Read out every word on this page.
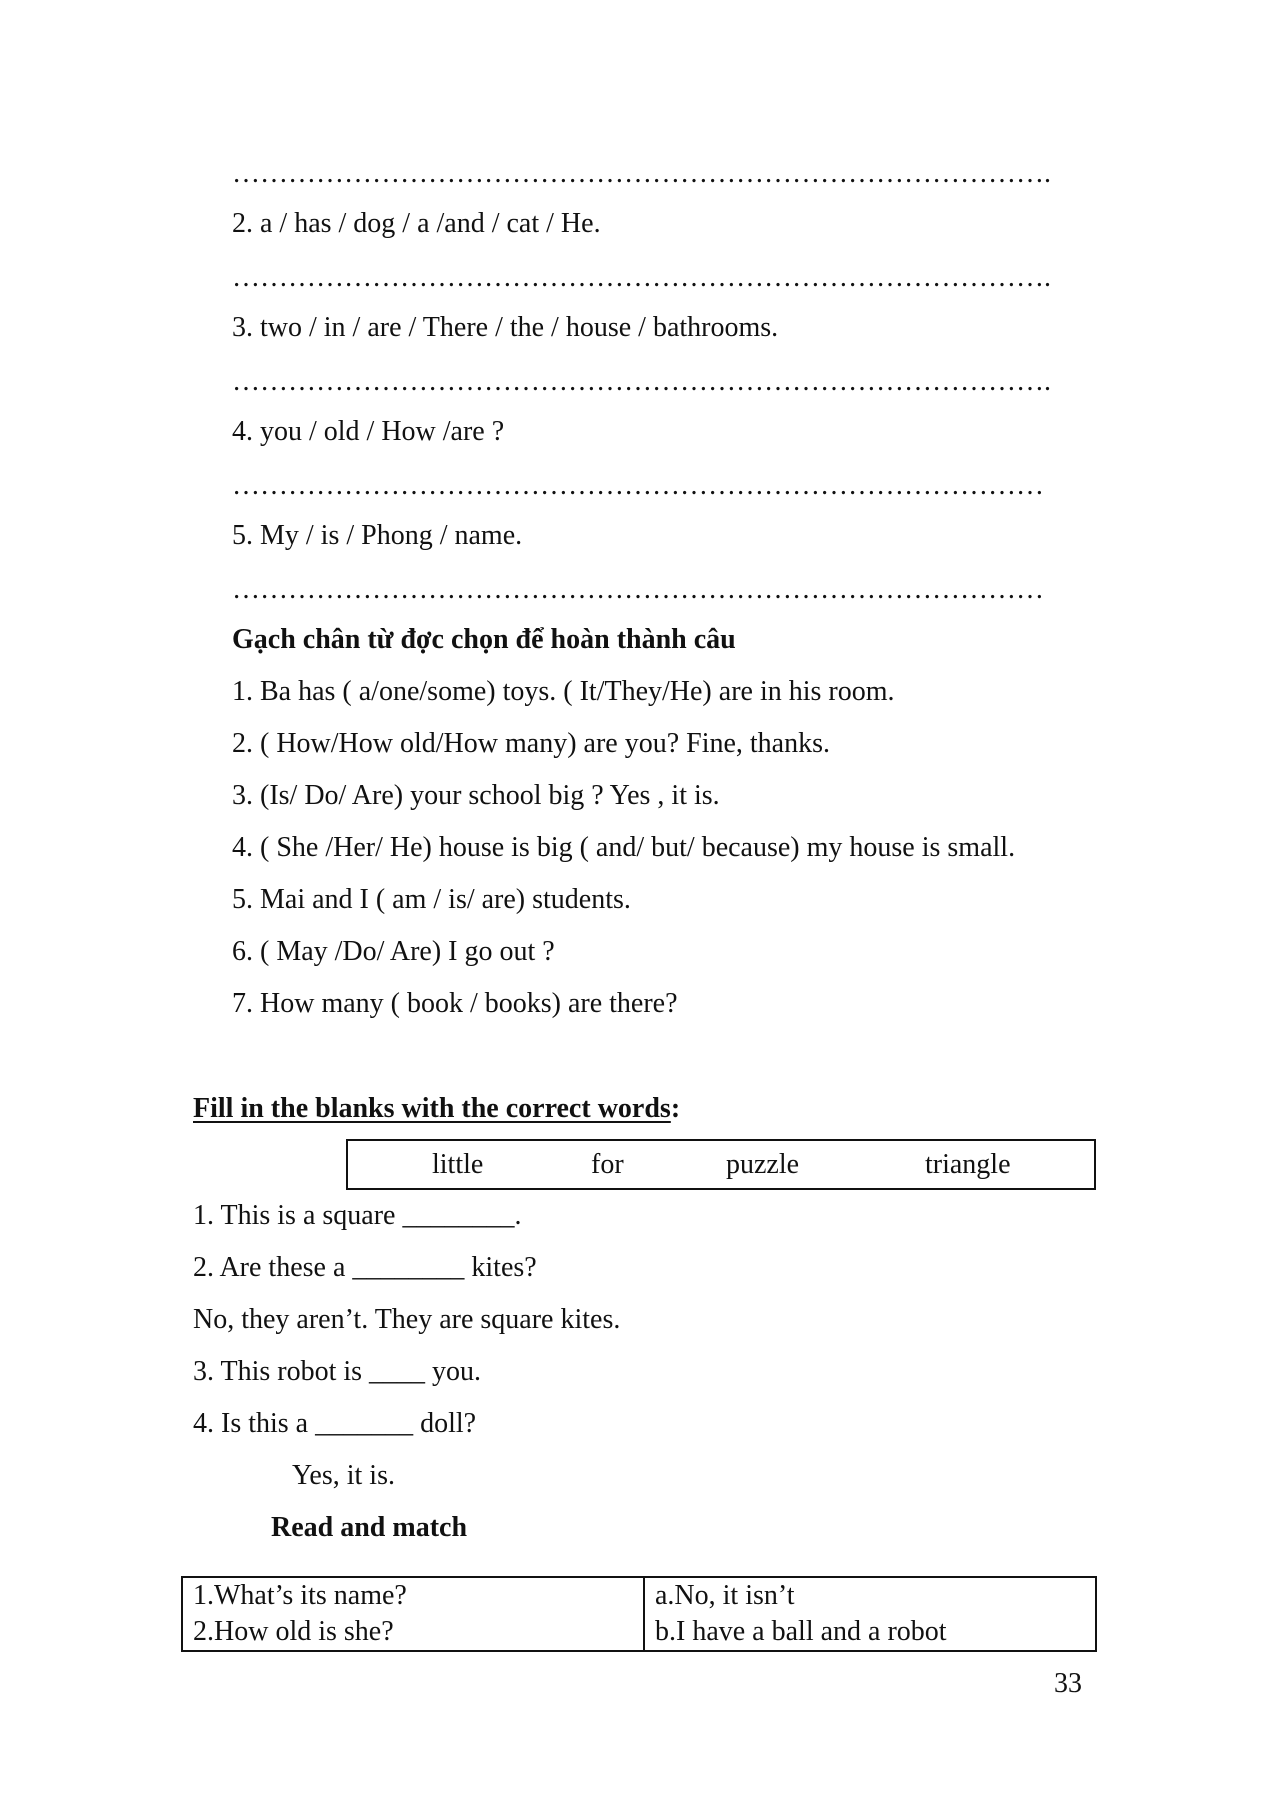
…………………………………………………………………………….
2. a / has / dog / a /and / cat / He.
…………………………………………………………………………….
3. two / in / are / There / the / house / bathrooms.
…………………………………………………………………………….
4. you / old / How /are ?
……………………………………………………………………………
5. My / is / Phong / name.
……………………………………………………………………………
Gạch chân từ đợc chọn để hoàn thành câu
1. Ba has ( a/one/some) toys. ( It/They/He) are in his room.
2. ( How/How old/How many) are you? Fine, thanks.
3. (Is/ Do/ Are) your school big ? Yes , it is.
4. ( She /Her/ He) house is big ( and/ but/ because) my house is small.
5. Mai and I ( am / is/ are) students.
6. ( May /Do/ Are) I go out ?
7. How many ( book / books) are there?
Fill in the blanks with the correct words:
little	for	puzzle	triangle
1. This is a square ________.
2. Are these a ________ kites?
No, they aren’t. They are square kites.
3. This robot is ____ you.
4. Is this a _______ doll?
Yes, it is.
Read and match
1.What’s its name?	a.No, it isn’t
2.How old is she?	b.I have a ball and a robot
33
